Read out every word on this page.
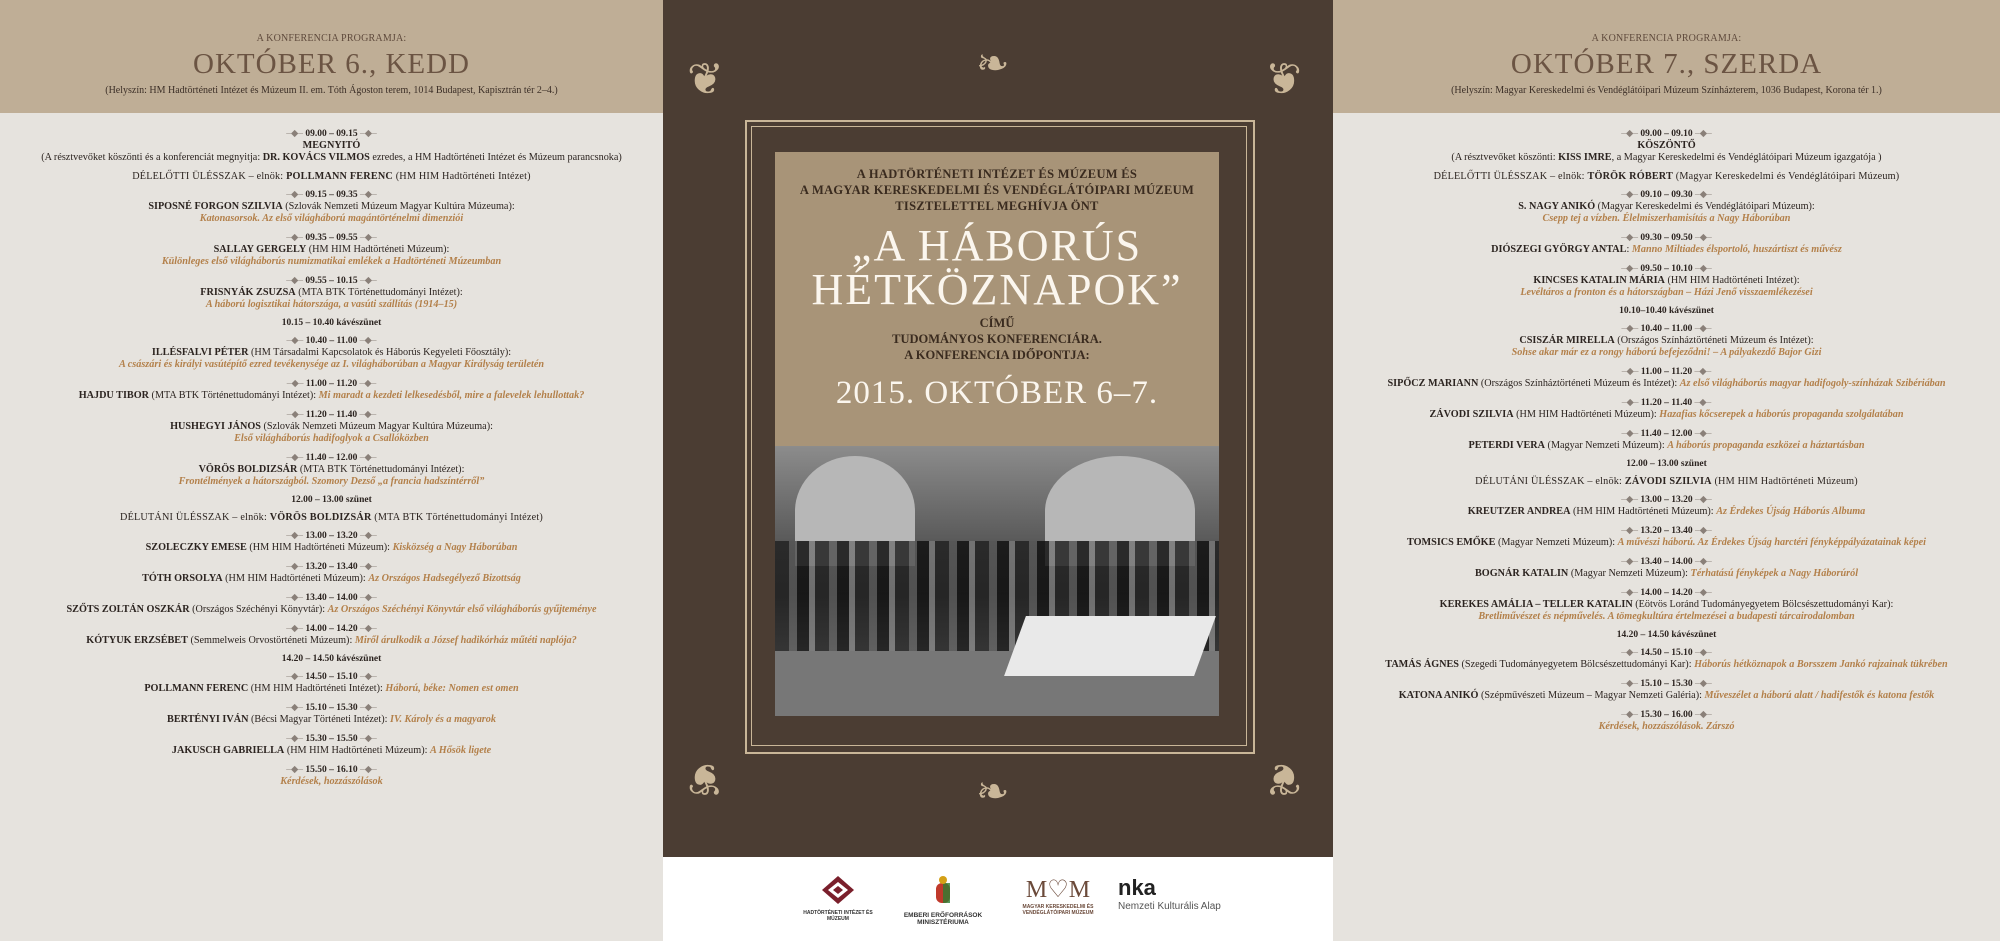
A KONFERENCIA PROGRAMJA:
OKTÓBER 6., KEDD
(Helyszín: HM Hadtörténeti Intézet és Múzeum II. em. Tóth Ágoston terem, 1014 Budapest, Kapisztrán tér 2–4.)
–◆– 09.00 – 09.15 –◆–
MEGNYITÓ
(A résztvevőket köszönti és a konferenciát megnyitja: DR. KOVÁCS VILMOS ezredes, a HM Hadtörténeti Intézet és Múzeum parancsnoka)
DÉLELŐTTI ÜLÉSSZAK – elnök: POLLMANN FERENC (HM HIM Hadtörténeti Intézet)
–◆– 09.15 – 09.35 –◆–
SIPOSNÉ FORGON SZILVIA (Szlovák Nemzeti Múzeum Magyar Kultúra Múzeuma):
Katonasorsok. Az első világháború magántörténelmi dimenziói
–◆– 09.35 – 09.55 –◆–
SALLAY GERGELY (HM HIM Hadtörténeti Múzeum):
Különleges első világháborús numizmatikai emlékek a Hadtörténeti Múzeumban
–◆– 09.55 – 10.15 –◆–
FRISNYÁK ZSUZSA (MTA BTK Történettudományi Intézet):
A háború logisztikai hátországa, a vasúti szállítás (1914–15)
10.15 – 10.40 kávészünet
–◆– 10.40 – 11.00 –◆–
ILLÉSFALVI PÉTER (HM Társadalmi Kapcsolatok és Háborús Kegyeleti Főosztály):
A császári és királyi vasútépítő ezred tevékenysége az I. világháborúban a Magyar Királyság területén
–◆– 11.00 – 11.20 –◆–
HAJDU TIBOR (MTA BTK Történettudományi Intézet): Mi maradt a kezdeti lelkesedésből, mire a falevelek lehullottak?
–◆– 11.20 – 11.40 –◆–
HUSHEGYI JÁNOS (Szlovák Nemzeti Múzeum Magyar Kultúra Múzeuma):
Első világháborús hadifoglyok a Csallóközben
–◆– 11.40 – 12.00 –◆–
VÖRÖS BOLDIZSÁR (MTA BTK Történettudományi Intézet):
Frontélmények a hátországból. Szomory Dezső „a francia hadszíntérről”
12.00 – 13.00 szünet
DÉLUTÁNI ÜLÉSSZAK – elnök: VÖRÖS BOLDIZSÁR (MTA BTK Történettudományi Intézet)
–◆– 13.00 – 13.20 –◆–
SZOLECZKY EMESE (HM HIM Hadtörténeti Múzeum): Kisközség a Nagy Háborúban
–◆– 13.20 – 13.40 –◆–
TÓTH ORSOLYA (HM HIM Hadtörténeti Múzeum): Az Országos Hadsegélyező Bizottság
–◆– 13.40 – 14.00 –◆–
SZŐTS ZOLTÁN OSZKÁR (Országos Széchényi Könyvtár): Az Országos Széchényi Könyvtár első világháborús gyűjteménye
–◆– 14.00 – 14.20 –◆–
KÓTYUK ERZSÉBET (Semmelweis Orvostörténeti Múzeum): Miről árulkodik a József hadikórház műtéti naplója?
14.20 – 14.50 kávészünet
–◆– 14.50 – 15.10 –◆–
POLLMANN FERENC (HM HIM Hadtörténeti Intézet): Háború, béke: Nomen est omen
–◆– 15.10 – 15.30 –◆–
BERTÉNYI IVÁN (Bécsi Magyar Történeti Intézet): IV. Károly és a magyarok
–◆– 15.30 – 15.50 –◆–
JAKUSCH GABRIELLA (HM HIM Hadtörténeti Múzeum): A Hősök ligete
–◆– 15.50 – 16.10 –◆–
Kérdések, hozzászólások
❦	❦
❦	❦
❧
❧
A HADTÖRTÉNETI INTÉZET ÉS MÚZEUM ÉS
A MAGYAR KERESKEDELMI ÉS VENDÉGLÁTÓIPARI MÚZEUM
TISZTELETTEL MEGHÍVJA ÖNT
„A HÁBORÚS
HÉTKÖZNAPOK”
CÍMŰ
TUDOMÁNYOS KONFERENCIÁRA.
A KONFERENCIA IDŐPONTJA:
2015. OKTÓBER 6–7.
HADTÖRTÉNETI INTÉZET ÉS MÚZEUM	EMBERI ERŐFORRÁSOK MINISZTÉRIUMA
M♡M
MAGYAR KERESKEDELMI ÉS VENDÉGLÁTÓIPARI MÚZEUM
nka
Nemzeti Kulturális Alap
A KONFERENCIA PROGRAMJA:
OKTÓBER 7., SZERDA
(Helyszín: Magyar Kereskedelmi és Vendéglátóipari Múzeum Színházterem, 1036 Budapest, Korona tér 1.)
–◆– 09.00 – 09.10 –◆–
KÖSZÖNTŐ
(A résztvevőket köszönti: KISS IMRE, a Magyar Kereskedelmi és Vendéglátóipari Múzeum igazgatója )
DÉLELŐTTI ÜLÉSSZAK – elnök: TÖRÖK RÓBERT (Magyar Kereskedelmi és Vendéglátóipari Múzeum)
–◆– 09.10 – 09.30 –◆–
S. NAGY ANIKÓ (Magyar Kereskedelmi és Vendéglátóipari Múzeum):
Csepp tej a vízben. Élelmiszerhamisítás a Nagy Háborúban
–◆– 09.30 – 09.50 –◆–
DIÓSZEGI GYÖRGY ANTAL: Manno Miltiades élsportoló, huszártiszt és művész
–◆– 09.50 – 10.10 –◆–
KINCSES KATALIN MÁRIA (HM HIM Hadtörténeti Intézet):
Levéltáros a fronton és a hátországban – Házi Jenő visszaemlékezései
10.10–10.40 kávészünet
–◆– 10.40 – 11.00 –◆–
CSISZÁR MIRELLA (Országos Színháztörténeti Múzeum és Intézet):
Sohse akar már ez a rongy háború befejeződni! – A pályakezdő Bajor Gizi
–◆– 11.00 – 11.20 –◆–
SIPŐCZ MARIANN (Országos Színháztörténeti Múzeum és Intézet): Az első világháborús magyar hadifogoly-színházak Szibériában
–◆– 11.20 – 11.40 –◆–
ZÁVODI SZILVIA (HM HIM Hadtörténeti Múzeum): Hazafias kőcserepek a háborús propaganda szolgálatában
–◆– 11.40 – 12.00 –◆–
PETERDI VERA (Magyar Nemzeti Múzeum): A háborús propaganda eszközei a háztartásban
12.00 – 13.00 szünet
DÉLUTÁNI ÜLÉSSZAK – elnök: ZÁVODI SZILVIA (HM HIM Hadtörténeti Múzeum)
–◆– 13.00 – 13.20 –◆–
KREUTZER ANDREA (HM HIM Hadtörténeti Múzeum): Az Érdekes Újság Háborús Albuma
–◆– 13.20 – 13.40 –◆–
TOMSICS EMŐKE (Magyar Nemzeti Múzeum): A művészi háború. Az Érdekes Újság harctéri fényképpályázatainak képei
–◆– 13.40 – 14.00 –◆–
BOGNÁR KATALIN (Magyar Nemzeti Múzeum): Térhatású fényképek a Nagy Háborúról
–◆– 14.00 – 14.20 –◆–
KEREKES AMÁLIA – TELLER KATALIN (Eötvös Loránd Tudományegyetem Bölcsészettudományi Kar):
Bretliművészet és népművelés. A tömegkultúra értelmezései a budapesti tárcairodalomban
14.20 – 14.50 kávészünet
–◆– 14.50 – 15.10 –◆–
TAMÁS ÁGNES (Szegedi Tudományegyetem Bölcsészettudományi Kar): Háborús hétköznapok a Borsszem Jankó rajzainak tükrében
–◆– 15.10 – 15.30 –◆–
KATONA ANIKÓ (Szépművészeti Múzeum – Magyar Nemzeti Galéria): Műveszélet a háború alatt / hadifestők és katona festők
–◆– 15.30 – 16.00 –◆–
Kérdések, hozzászólások. Zárszó
